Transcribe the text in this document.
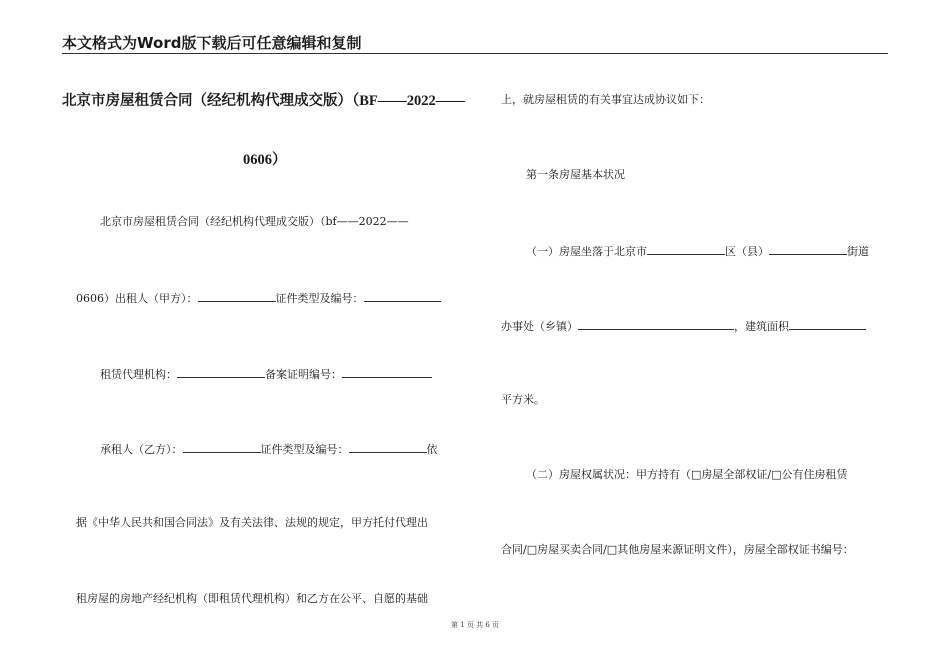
本文格式为Word版下载后可任意编辑和复制
北京市房屋租赁合同（经纪机构代理成交版）（BF——2022——
0606）
北京市房屋租赁合同（经纪机构代理成交版）（bf——2022——
0606）出租人（甲方）：	证件类型及编号：
租赁代理机构：	备案证明编号：
承租人（乙方）：	证件类型及编号：	依
据《中华人民共和国合同法》及有关法律、法规的规定，甲方托付代理出
租房屋的房地产经纪机构（即租赁代理机构）和乙方在公平、自愿的基础
上，就房屋租赁的有关事宜达成协议如下：
第一条房屋基本状况
（一）房屋坐落于北京市	区（县）	街道
办事处（乡镇）	，建筑面积
平方米。
（二）房屋权属状况：甲方持有（□房屋全部权证/□公有住房租赁
合同/□房屋买卖合同/□其他房屋来源证明文件），房屋全部权证书编号：
第 1 页 共 6 页
